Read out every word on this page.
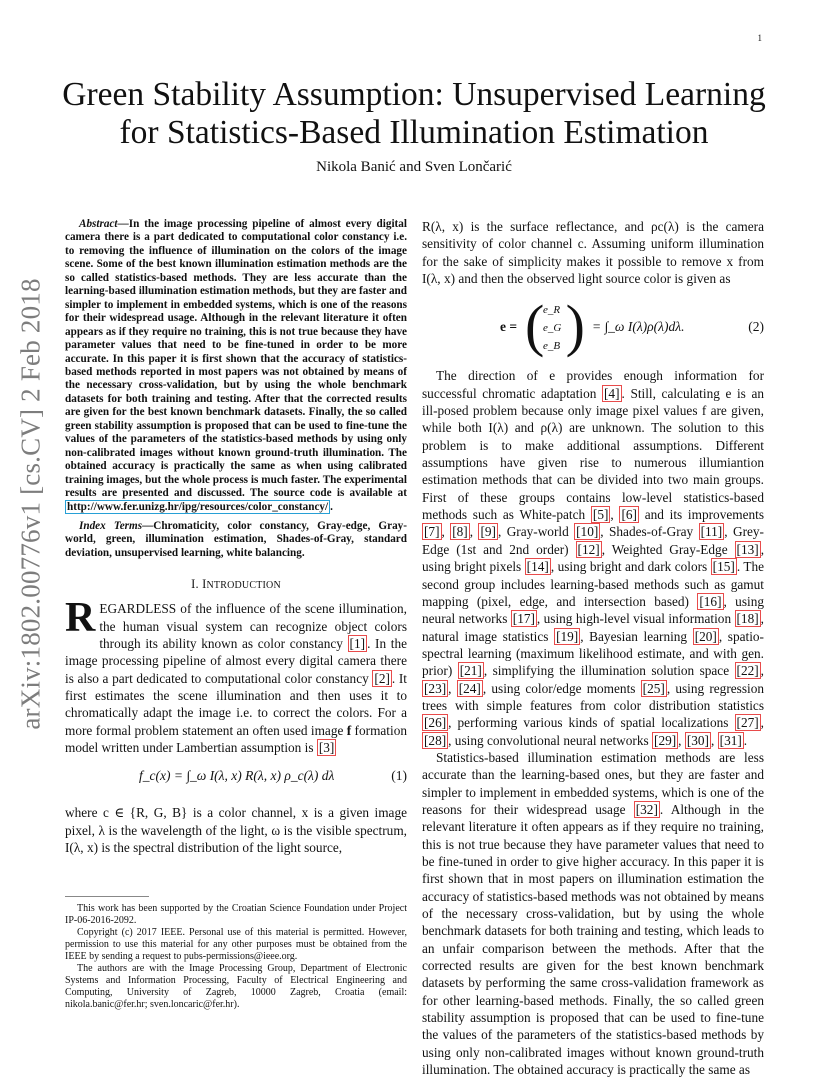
1
arXiv:1802.00776v1 [cs.CV] 2 Feb 2018
Green Stability Assumption: Unsupervised Learning for Statistics-Based Illumination Estimation
Nikola Banić and Sven Lončarić

Abstract—In the image processing pipeline of almost every digital camera there is a part dedicated to computational color constancy i.e. to removing the influence of illumination on the colors of the image scene. Some of the best known illumination estimation methods are the so called statistics-based methods. They are less accurate than the learning-based illumination estimation methods, but they are faster and simpler to implement in embedded systems, which is one of the reasons for their widespread usage. Although in the relevant literature it often appears as if they require no training, this is not true because they have parameter values that need to be fine-tuned in order to be more accurate. In this paper it is first shown that the accuracy of statistics-based methods reported in most papers was not obtained by means of the necessary cross-validation, but by using the whole benchmark datasets for both training and testing. After that the corrected results are given for the best known benchmark datasets. Finally, the so called green stability assumption is proposed that can be used to fine-tune the values of the parameters of the statistics-based methods by using only non-calibrated images without known ground-truth illumination. The obtained accuracy is practically the same as when using calibrated training images, but the whole process is much faster. The experimental results are presented and discussed. The source code is available at http://www.fer.unizg.hr/ipg/resources/color_constancy/ .

Index Terms—Chromaticity, color constancy, Gray-edge, Gray-world, green, illumination estimation, Shades-of-Gray, standard deviation, unsupervised learning, white balancing.

I. INTRODUCTION

REGARDLESS of the influence of the scene illumination, the human visual system can recognize object colors through its ability known as color constancy [1] . In the image processing pipeline of almost every digital camera there is also a part dedicated to computational color constancy [2] . It first estimates the scene illumination and then uses it to chromatically adapt the image i.e. to correct the colors. For a more formal problem statement an often used image f formation model written under Lambertian assumption is [3]

f_c(x) = ∫_ω I(λ, x) R(λ, x) ρ_c(λ) dλ	(1)

where c ∈ {R, G, B} is a color channel, x is a given image pixel, λ is the wavelength of the light, ω is the visible spectrum, I(λ, x) is the spectral distribution of the light source,

This work has been supported by the Croatian Science Foundation under Project IP-06-2016-2092.

Copyright (c) 2017 IEEE. Personal use of this material is permitted. However, permission to use this material for any other purposes must be obtained from the IEEE by sending a request to pubs-permissions@ieee.org.

The authors are with the Image Processing Group, Department of Electronic Systems and Information Processing, Faculty of Electrical Engineering and Computing, University of Zagreb, 10000 Zagreb, Croatia (email: nikola.banic@fer.hr; sven.loncaric@fer.hr).

R(λ, x) is the surface reflectance, and ρc(λ) is the camera sensitivity of color channel c. Assuming uniform illumination for the sake of simplicity makes it possible to remove x from I(λ, x) and then the observed light source color is given as

e = (
e_R
e_G
e_B ) = ∫_ω I(λ)ρ(λ)dλ.	(2)

The direction of e provides enough information for successful chromatic adaptation [4] . Still, calculating e is an ill-posed problem because only image pixel values f are given, while both I(λ) and ρ(λ) are unknown. The solution to this problem is to make additional assumptions. Different assumptions have given rise to numerous illumiantion estimation methods that can be divided into two main groups. First of these groups contains low-level statistics-based methods such as White-patch [5] , [6] and its improvements [7] , [8] , [9] , Gray-world [10] , Shades-of-Gray [11] , Grey-Edge (1st and 2nd order) [12] , Weighted Gray-Edge [13] , using bright pixels [14] , using bright and dark colors [15] . The second group includes learning-based methods such as gamut mapping (pixel, edge, and intersection based) [16] , using neural networks [17] , using high-level visual information [18] , natural image statistics [19] , Bayesian learning [20] , spatio-spectral learning (maximum likelihood estimate, and with gen. prior) [21] , simplifying the illumination solution space [22] , [23] , [24] , using color/edge moments [25] , using regression trees with simple features from color distribution statistics [26] , performing various kinds of spatial localizations [27] , [28] , using convolutional neural networks [29] , [30] , [31] .

Statistics-based illumination estimation methods are less accurate than the learning-based ones, but they are faster and simpler to implement in embedded systems, which is one of the reasons for their widespread usage [32] . Although in the relevant literature it often appears as if they require no training, this is not true because they have parameter values that need to be fine-tuned in order to give higher accuracy. In this paper it is first shown that in most papers on illumination estimation the accuracy of statistics-based methods was not obtained by means of the necessary cross-validation, but by using the whole benchmark datasets for both training and testing, which leads to an unfair comparison between the methods. After that the corrected results are given for the best known benchmark datasets by performing the same cross-validation framework as for other learning-based methods. Finally, the so called green stability assumption is proposed that can be used to fine-tune the values of the parameters of the statistics-based methods by using only non-calibrated images without known ground-truth illumination. The obtained accuracy is practically the same as
